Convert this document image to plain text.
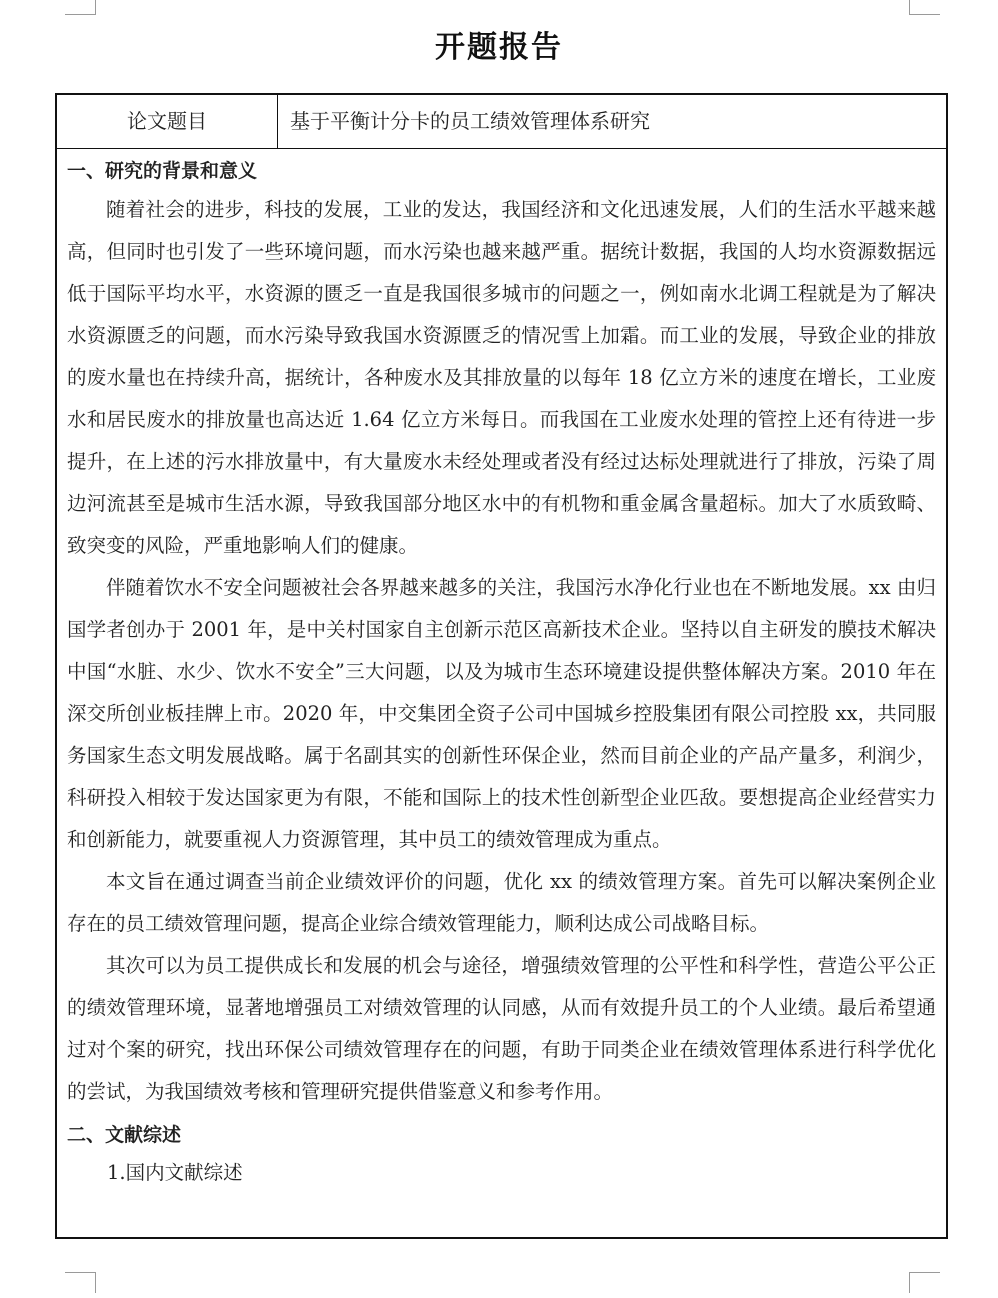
开题报告
论文题目	基于平衡计分卡的员工绩效管理体系研究

一、研究的背景和意义

随着社会的进步，科技的发展，工业的发达，我国经济和文化迅速发展，人们的生活水平越来越高，但同时也引发了一些环境问题，而水污染也越来越严重。据统计数据，我国的人均水资源数据远低于国际平均水平，水资源的匮乏一直是我国很多城市的问题之一，例如南水北调工程就是为了解决水资源匮乏的问题，而水污染导致我国水资源匮乏的情况雪上加霜。而工业的发展，导致企业的排放的废水量也在持续升高，据统计，各种废水及其排放量的以每年 18 亿立方米的速度在增长，工业废水和居民废水的排放量也高达近 1.64 亿立方米每日。而我国在工业废水处理的管控上还有待进一步提升，在上述的污水排放量中，有大量废水未经处理或者没有经过达标处理就进行了排放，污染了周边河流甚至是城市生活水源，导致我国部分地区水中的有机物和重金属含量超标。加大了水质致畸、致突变的风险，严重地影响人们的健康。

伴随着饮水不安全问题被社会各界越来越多的关注，我国污水净化行业也在不断地发展。xx 由归国学者创办于 2001 年，是中关村国家自主创新示范区高新技术企业。坚持以自主研发的膜技术解决中国“水脏、水少、饮水不安全”三大问题，以及为城市生态环境建设提供整体解决方案。2010 年在深交所创业板挂牌上市。2020 年，中交集团全资子公司中国城乡控股集团有限公司控股 xx，共同服务国家生态文明发展战略。属于名副其实的创新性环保企业，然而目前企业的产品产量多，利润少，科研投入相较于发达国家更为有限，不能和国际上的技术性创新型企业匹敌。要想提高企业经营实力和创新能力，就要重视人力资源管理，其中员工的绩效管理成为重点。

本文旨在通过调查当前企业绩效评价的问题，优化 xx 的绩效管理方案。首先可以解决案例企业存在的员工绩效管理问题，提高企业综合绩效管理能力，顺利达成公司战略目标。

其次可以为员工提供成长和发展的机会与途径，增强绩效管理的公平性和科学性，营造公平公正的绩效管理环境，显著地增强员工对绩效管理的认同感，从而有效提升员工的个人业绩。最后希望通过对个案的研究，找出环保公司绩效管理存在的问题，有助于同类企业在绩效管理体系进行科学优化的尝试，为我国绩效考核和管理研究提供借鉴意义和参考作用。

二、文献综述

1.国内文献综述
